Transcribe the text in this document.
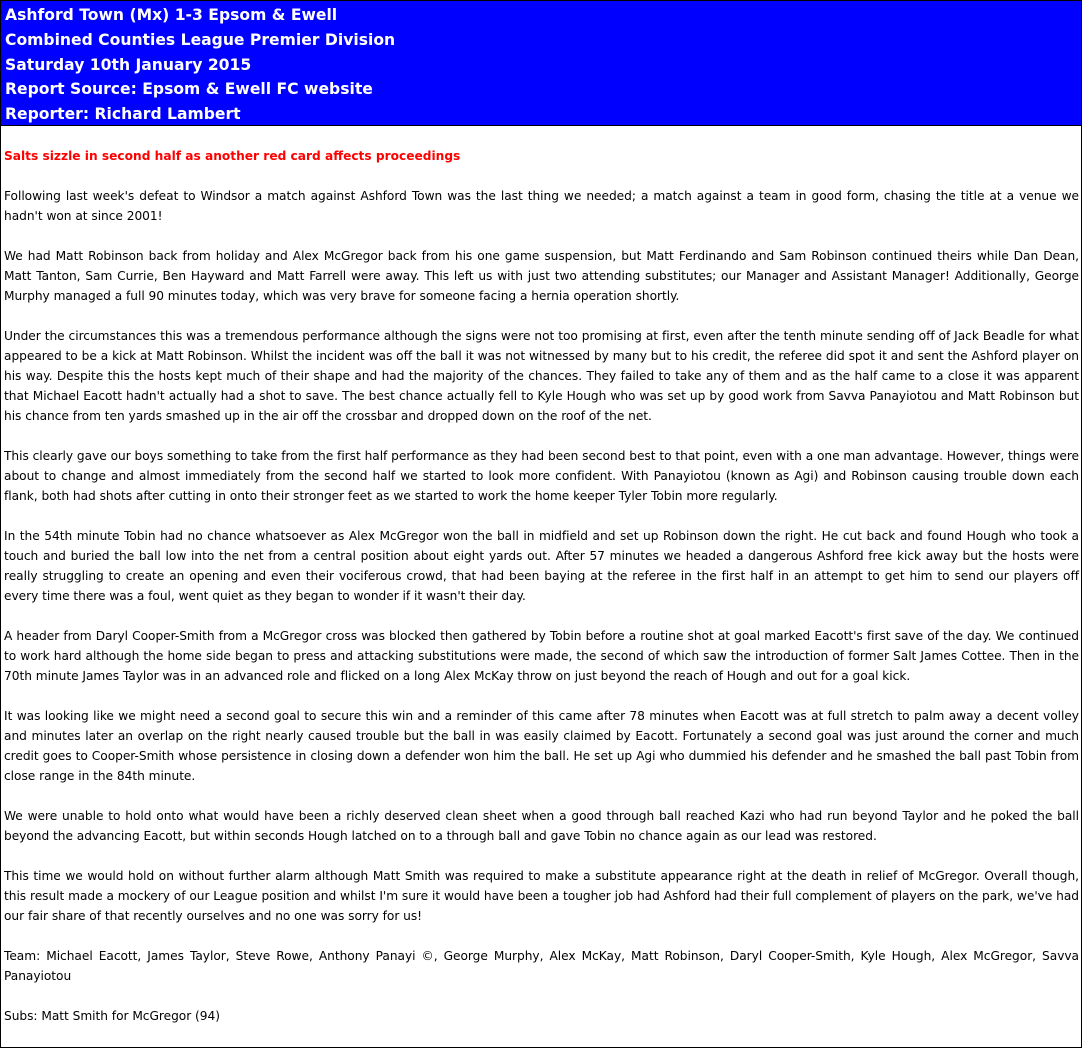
Ashford Town (Mx) 1-3 Epsom & Ewell
Combined Counties League Premier Division
Saturday 10th January 2015
Report Source: Epsom & Ewell FC website
Reporter: Richard Lambert
Salts sizzle in second half as another red card affects proceedings
Following last week's defeat to Windsor a match against Ashford Town was the last thing we needed; a match against a team in good form, chasing the title at a venue we hadn't won at since 2001!
We had Matt Robinson back from holiday and Alex McGregor back from his one game suspension, but Matt Ferdinando and Sam Robinson continued theirs while Dan Dean, Matt Tanton, Sam Currie, Ben Hayward and Matt Farrell were away. This left us with just two attending substitutes; our Manager and Assistant Manager! Additionally, George Murphy managed a full 90 minutes today, which was very brave for someone facing a hernia operation shortly.
Under the circumstances this was a tremendous performance although the signs were not too promising at first, even after the tenth minute sending off of Jack Beadle for what appeared to be a kick at Matt Robinson. Whilst the incident was off the ball it was not witnessed by many but to his credit, the referee did spot it and sent the Ashford player on his way. Despite this the hosts kept much of their shape and had the majority of the chances. They failed to take any of them and as the half came to a close it was apparent that Michael Eacott hadn't actually had a shot to save. The best chance actually fell to Kyle Hough who was set up by good work from Savva Panayiotou and Matt Robinson but his chance from ten yards smashed up in the air off the crossbar and dropped down on the roof of the net.
This clearly gave our boys something to take from the first half performance as they had been second best to that point, even with a one man advantage. However, things were about to change and almost immediately from the second half we started to look more confident. With Panayiotou (known as Agi) and Robinson causing trouble down each flank, both had shots after cutting in onto their stronger feet as we started to work the home keeper Tyler Tobin more regularly.
In the 54th minute Tobin had no chance whatsoever as Alex McGregor won the ball in midfield and set up Robinson down the right. He cut back and found Hough who took a touch and buried the ball low into the net from a central position about eight yards out. After 57 minutes we headed a dangerous Ashford free kick away but the hosts were really struggling to create an opening and even their vociferous crowd, that had been baying at the referee in the first half in an attempt to get him to send our players off every time there was a foul, went quiet as they began to wonder if it wasn't their day.
A header from Daryl Cooper-Smith from a McGregor cross was blocked then gathered by Tobin before a routine shot at goal marked Eacott's first save of the day. We continued to work hard although the home side began to press and attacking substitutions were made, the second of which saw the introduction of former Salt James Cottee. Then in the 70th minute James Taylor was in an advanced role and flicked on a long Alex McKay throw on just beyond the reach of Hough and out for a goal kick.
It was looking like we might need a second goal to secure this win and a reminder of this came after 78 minutes when Eacott was at full stretch to palm away a decent volley and minutes later an overlap on the right nearly caused trouble but the ball in was easily claimed by Eacott. Fortunately a second goal was just around the corner and much credit goes to Cooper-Smith whose persistence in closing down a defender won him the ball. He set up Agi who dummied his defender and he smashed the ball past Tobin from close range in the 84th minute.
We were unable to hold onto what would have been a richly deserved clean sheet when a good through ball reached Kazi who had run beyond Taylor and he poked the ball beyond the advancing Eacott, but within seconds Hough latched on to a through ball and gave Tobin no chance again as our lead was restored.
This time we would hold on without further alarm although Matt Smith was required to make a substitute appearance right at the death in relief of McGregor. Overall though, this result made a mockery of our League position and whilst I'm sure it would have been a tougher job had Ashford had their full complement of players on the park, we've had our fair share of that recently ourselves and no one was sorry for us!
Team: Michael Eacott, James Taylor, Steve Rowe, Anthony Panayi ©, George Murphy, Alex McKay, Matt Robinson, Daryl Cooper-Smith, Kyle Hough, Alex McGregor, Savva Panayiotou
Subs: Matt Smith for McGregor (94)
